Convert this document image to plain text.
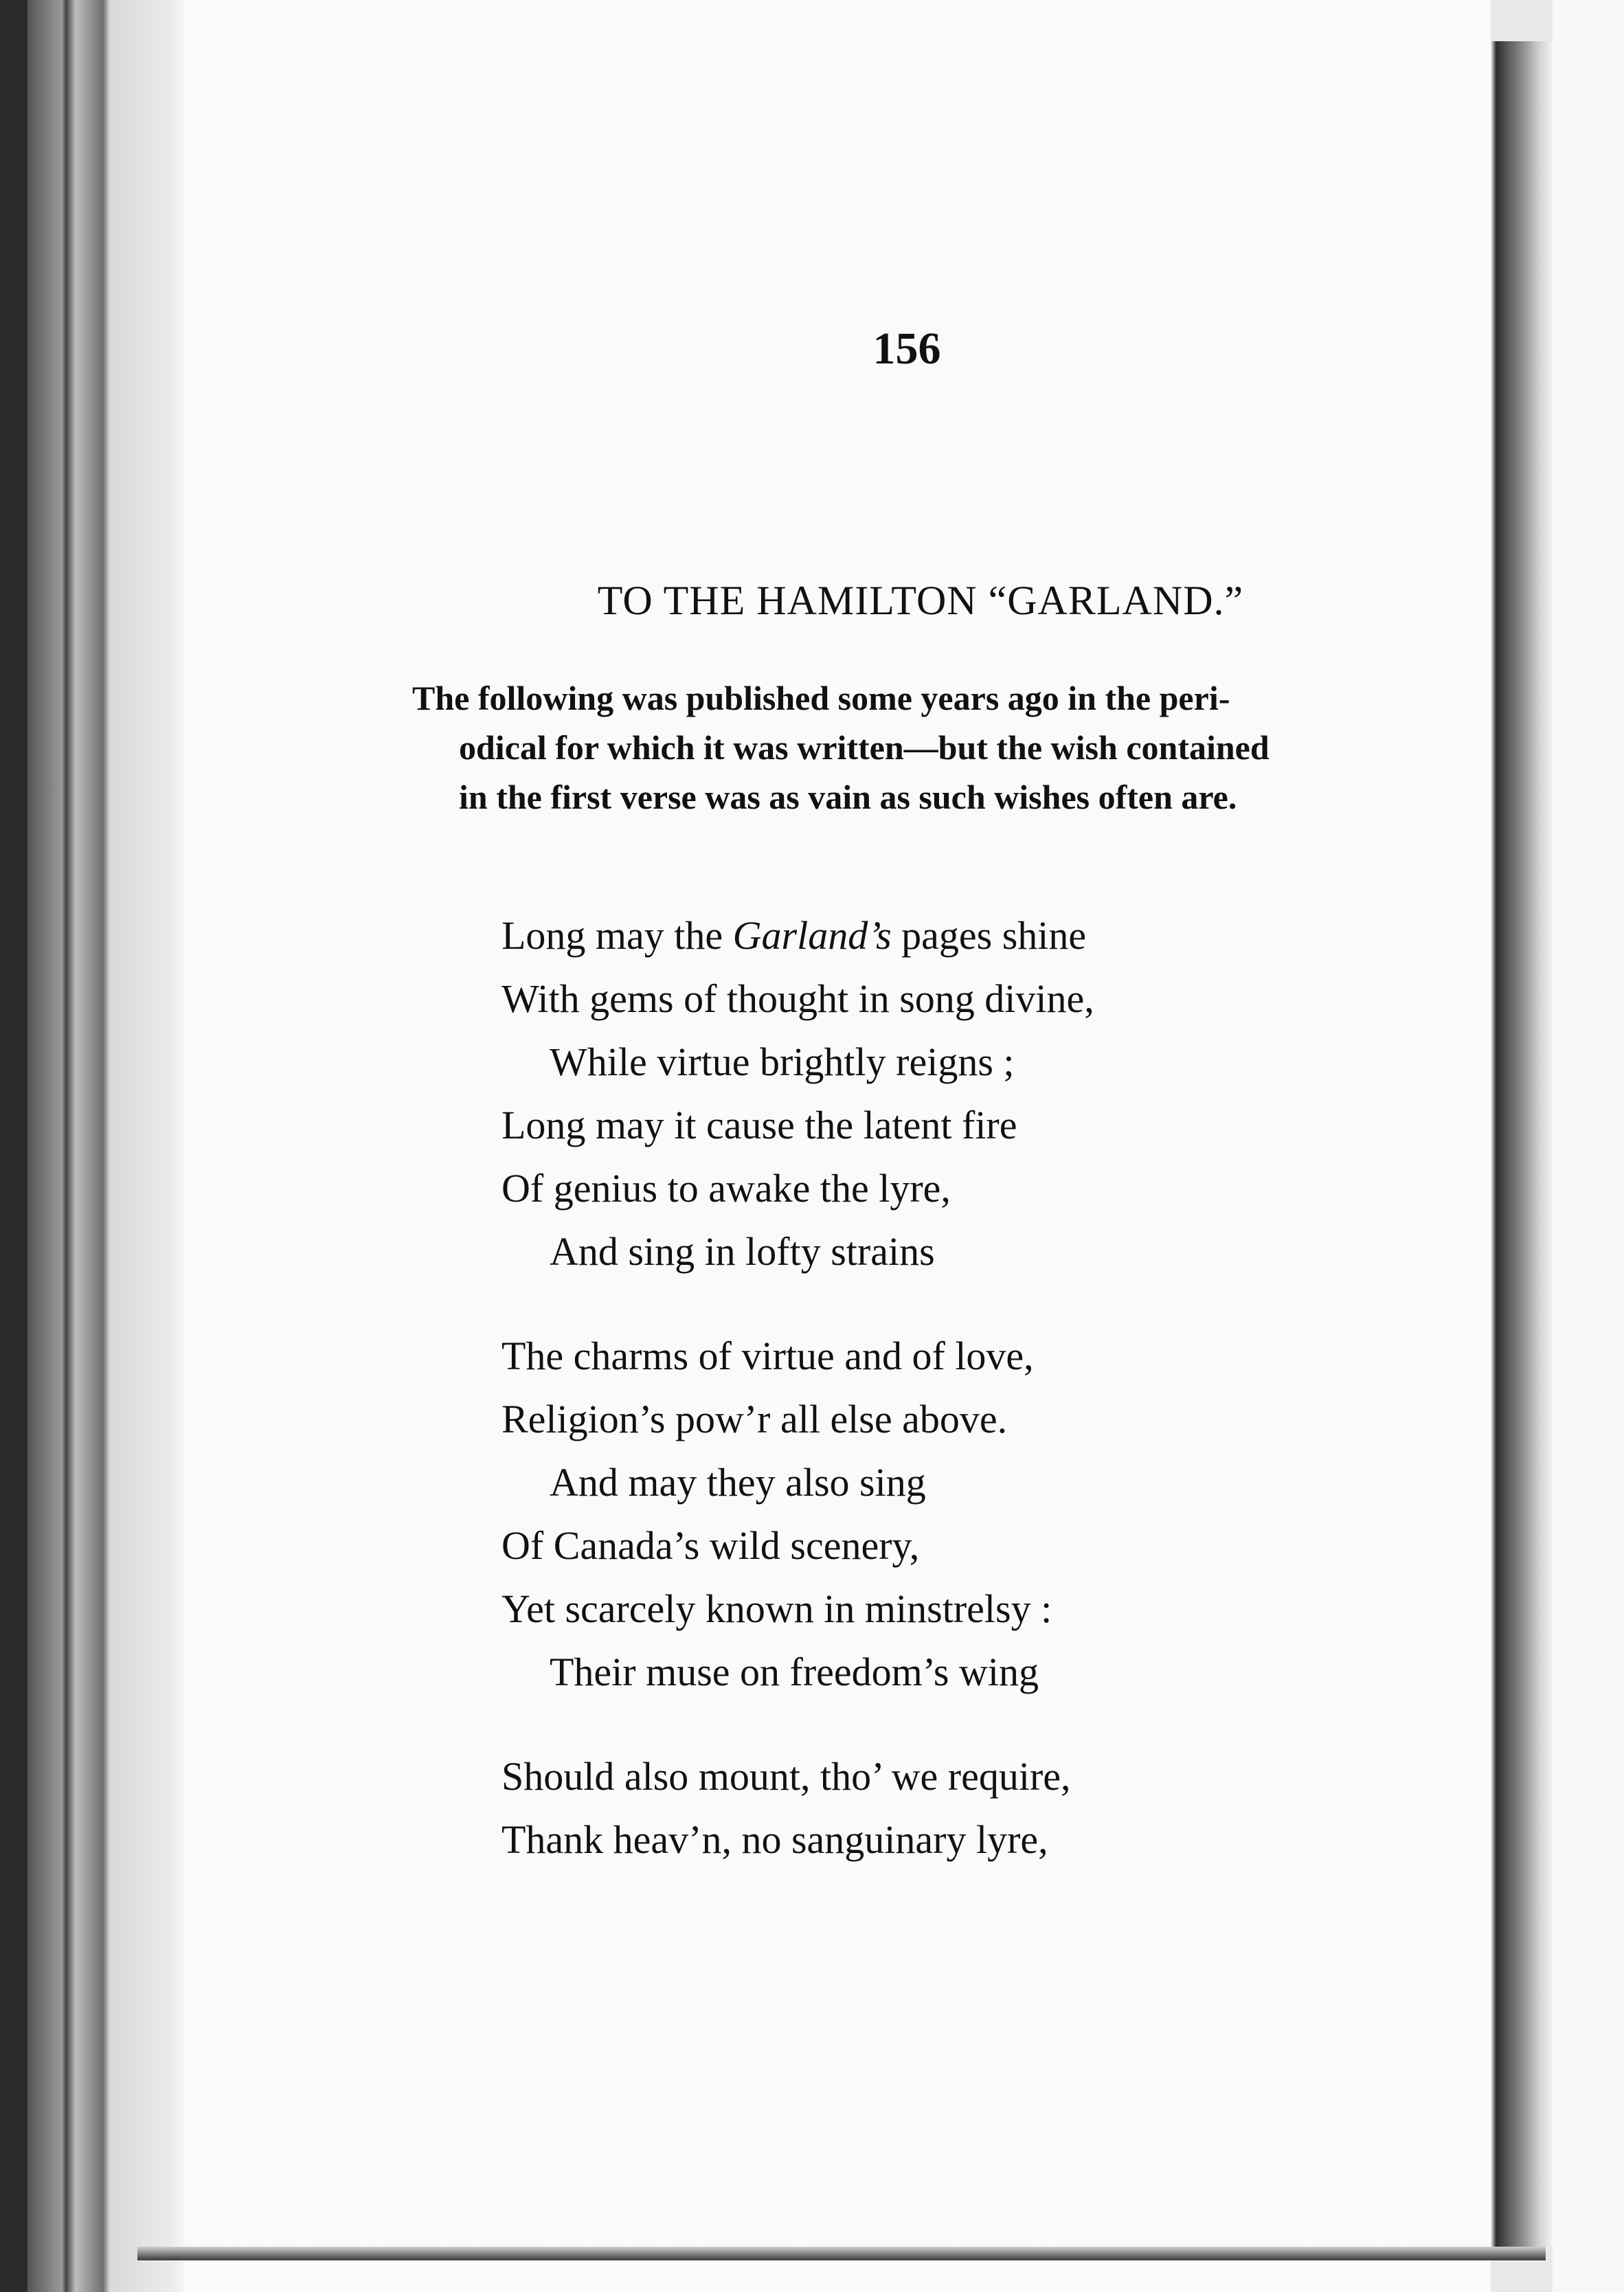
156
TO THE HAMILTON “GARLAND.”
The following was published some years ago in the peri-
odical for which it was written—but the wish contained
in the first verse was as vain as such wishes often are.
Long may the Garland’s pages shine
With gems of thought in song divine,
While virtue brightly reigns ;
Long may it cause the latent fire
Of genius to awake the lyre,
And sing in lofty strains
The charms of virtue and of love,
Religion’s pow’r all else above.
And may they also sing
Of Canada’s wild scenery,
Yet scarcely known in minstrelsy :
Their muse on freedom’s wing
Should also mount, tho’ we require,
Thank heav’n, no sanguinary lyre,
